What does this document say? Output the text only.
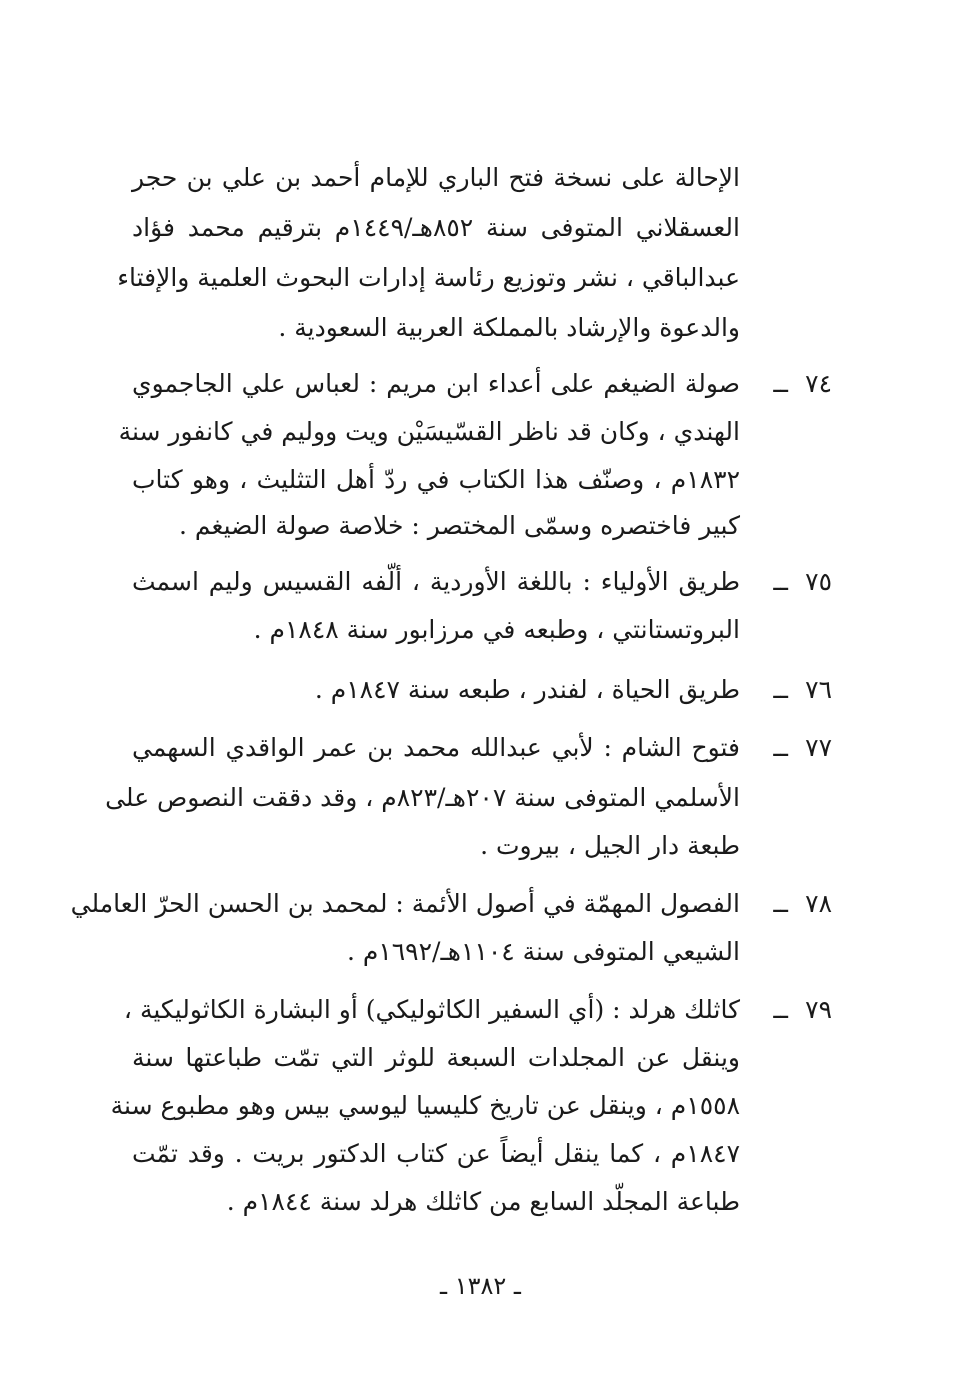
الإحالة على نسخة فتح الباري للإمام أحمد بن علي بن حجر
العسقلاني المتوفى سنة ٨٥٢هـ/١٤٤٩م بترقيم محمد فؤاد
عبدالباقي ، نشر وتوزيع رئاسة إدارات البحوث العلمية والإفتاء
والدعوة والإرشاد بالمملكة العربية السعودية .
٧٤
ــ
صولة الضيغم على أعداء ابن مريم : لعباس علي الجاجموي
الهندي ، وكان قد ناظر القسّيسَيْن ويت ووليم في كانفور سنة
١٨٣٢م ، وصنّف هذا الكتاب في ردّ أهل التثليث ، وهو كتاب
كبير فاختصره وسمّى المختصر : خلاصة صولة الضيغم .
٧٥
ــ
طريق الأولياء : باللغة الأوردية ، ألّفه القسيس وليم اسمث
البروتستانتي ، وطبعه في مرزابور سنة ١٨٤٨م .
٧٦
ــ
طريق الحياة ، لفندر ، طبعه سنة ١٨٤٧م .
٧٧
ــ
فتوح الشام : لأبي عبدالله محمد بن عمر الواقدي السهمي
الأسلمي المتوفى سنة ٢٠٧هـ/٨٢٣م ، وقد دققت النصوص على
طبعة دار الجيل ، بيروت .
٧٨
ــ
الفصول المهمّة في أصول الأئمة : لمحمد بن الحسن الحرّ العاملي
الشيعي المتوفى سنة ١١٠٤هـ/١٦٩٢م .
٧٩
ــ
كاثلك هرلد : (أي السفير الكاثوليكي) أو البشارة الكاثوليكية ،
وينقل عن المجلدات السبعة للوثر التي تمّت طباعتها سنة
١٥٥٨م ، وينقل عن تاريخ كليسيا ليوسي بيس وهو مطبوع سنة
١٨٤٧م ، كما ينقل أيضاً عن كتاب الدكتور بريت . وقد تمّت
طباعة المجلّد السابع من كاثلك هرلد سنة ١٨٤٤م .
ـ ١٣٨٢ ـ
